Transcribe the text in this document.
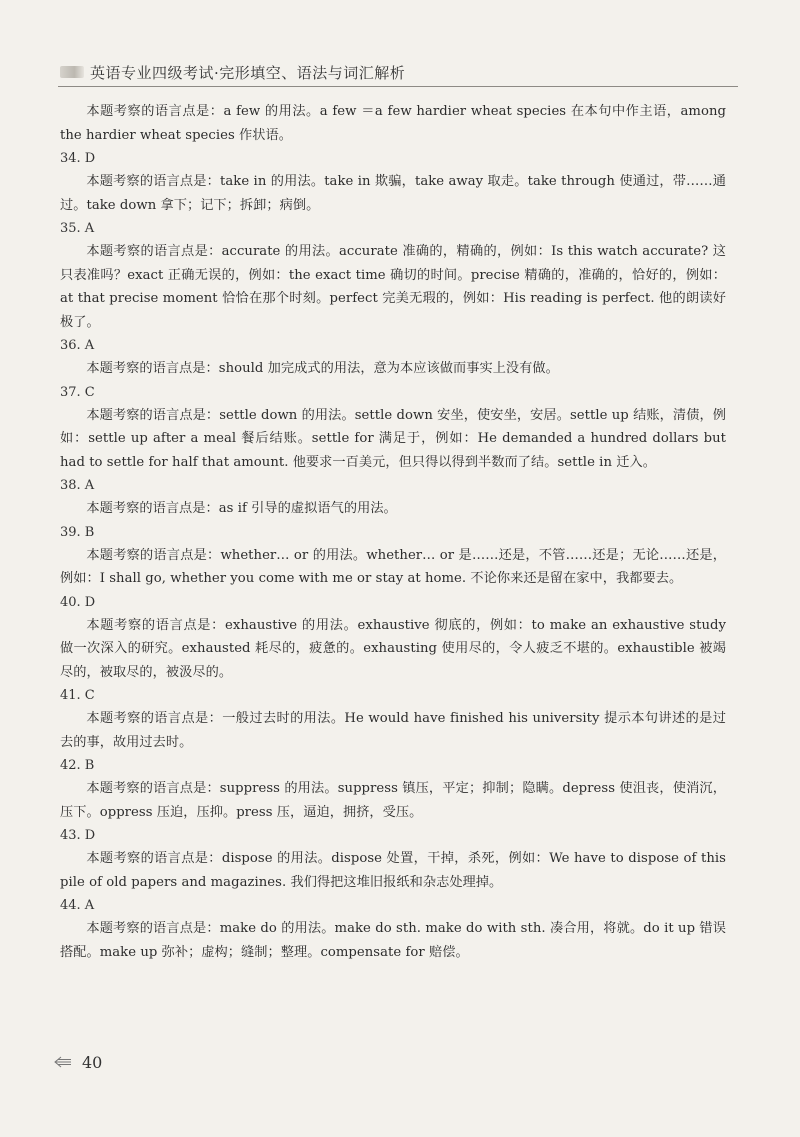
英语专业四级考试·完形填空、语法与词汇解析

本题考察的语言点是：a few 的用法。a few ＝a few hardier wheat species 在本句中作主语，among the hardier wheat species 作状语。

34. D

本题考察的语言点是：take in 的用法。take in 欺骗，take away 取走。take through 使通过，带……通过。take down 拿下；记下；拆卸；病倒。

35. A

本题考察的语言点是：accurate 的用法。accurate 准确的，精确的，例如：Is this watch accurate? 这只表准吗？exact 正确无误的，例如：the exact time 确切的时间。precise 精确的，准确的，恰好的，例如：at that precise moment 恰恰在那个时刻。perfect 完美无瑕的，例如：His reading is perfect. 他的朗读好极了。

36. A

本题考察的语言点是：should 加完成式的用法，意为本应该做而事实上没有做。

37. C

本题考察的语言点是：settle down 的用法。settle down 安坐，使安坐，安居。settle up 结账，清债，例如：settle up after a meal 餐后结账。settle for 满足于，例如：He demanded a hundred dollars but had to settle for half that amount. 他要求一百美元，但只得以得到半数而了结。settle in 迁入。

38. A

本题考察的语言点是：as if 引导的虚拟语气的用法。

39. B

本题考察的语言点是：whether… or 的用法。whether… or 是……还是，不管……还是；无论……还是，例如：I shall go, whether you come with me or stay at home. 不论你来还是留在家中，我都要去。

40. D

本题考察的语言点是：exhaustive 的用法。exhaustive 彻底的，例如：to make an exhaustive study 做一次深入的研究。exhausted 耗尽的，疲惫的。exhausting 使用尽的，令人疲乏不堪的。exhaustible 被竭尽的，被取尽的，被汲尽的。

41. C

本题考察的语言点是：一般过去时的用法。He would have finished his university 提示本句讲述的是过去的事，故用过去时。

42. B

本题考察的语言点是：suppress 的用法。suppress 镇压，平定；抑制；隐瞒。depress 使沮丧，使消沉，压下。oppress 压迫，压抑。press 压，逼迫，拥挤，受压。

43. D

本题考察的语言点是：dispose 的用法。dispose 处置，干掉，杀死，例如：We have to dispose of this pile of old papers and magazines. 我们得把这堆旧报纸和杂志处理掉。

44. A

本题考察的语言点是：make do 的用法。make do sth. make do with sth. 凑合用，将就。do it up 错误搭配。make up 弥补；虚构；缝制；整理。compensate for 赔偿。

40
